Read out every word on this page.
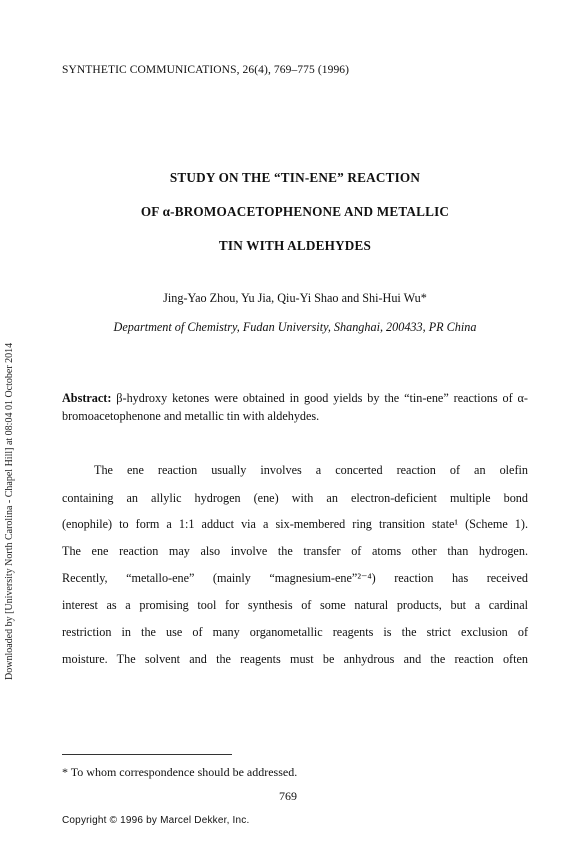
SYNTHETIC COMMUNICATIONS, 26(4), 769–775 (1996)
Downloaded by [University North Carolina - Chapel Hill] at 08:04 01 October 2014
STUDY ON THE “TIN-ENE” REACTION
OF α-BROMOACETOPHENONE AND METALLIC
TIN WITH ALDEHYDES
Jing-Yao Zhou, Yu Jia, Qiu-Yi Shao and Shi-Hui Wu*
Department of Chemistry, Fudan University, Shanghai, 200433, PR China
Abstract: β-hydroxy ketones were obtained in good yields by the “tin-ene” reactions of α-bromoacetophenone and metallic tin with aldehydes.
The ene reaction usually involves a concerted reaction of an olefin
containing an allylic hydrogen (ene) with an electron-deficient multiple bond
(enophile) to form a 1:1 adduct via a six-membered ring transition state¹ (Scheme 1).
The ene reaction may also involve the transfer of atoms other than hydrogen.
Recently, “metallo-ene” (mainly “magnesium-ene”²⁻⁴) reaction has received
interest as a promising tool for synthesis of some natural products, but a cardinal
restriction in the use of many organometallic reagents is the strict exclusion of
moisture. The solvent and the reagents must be anhydrous and the reaction often
* To whom correspondence should be addressed.
769
Copyright © 1996 by Marcel Dekker, Inc.
